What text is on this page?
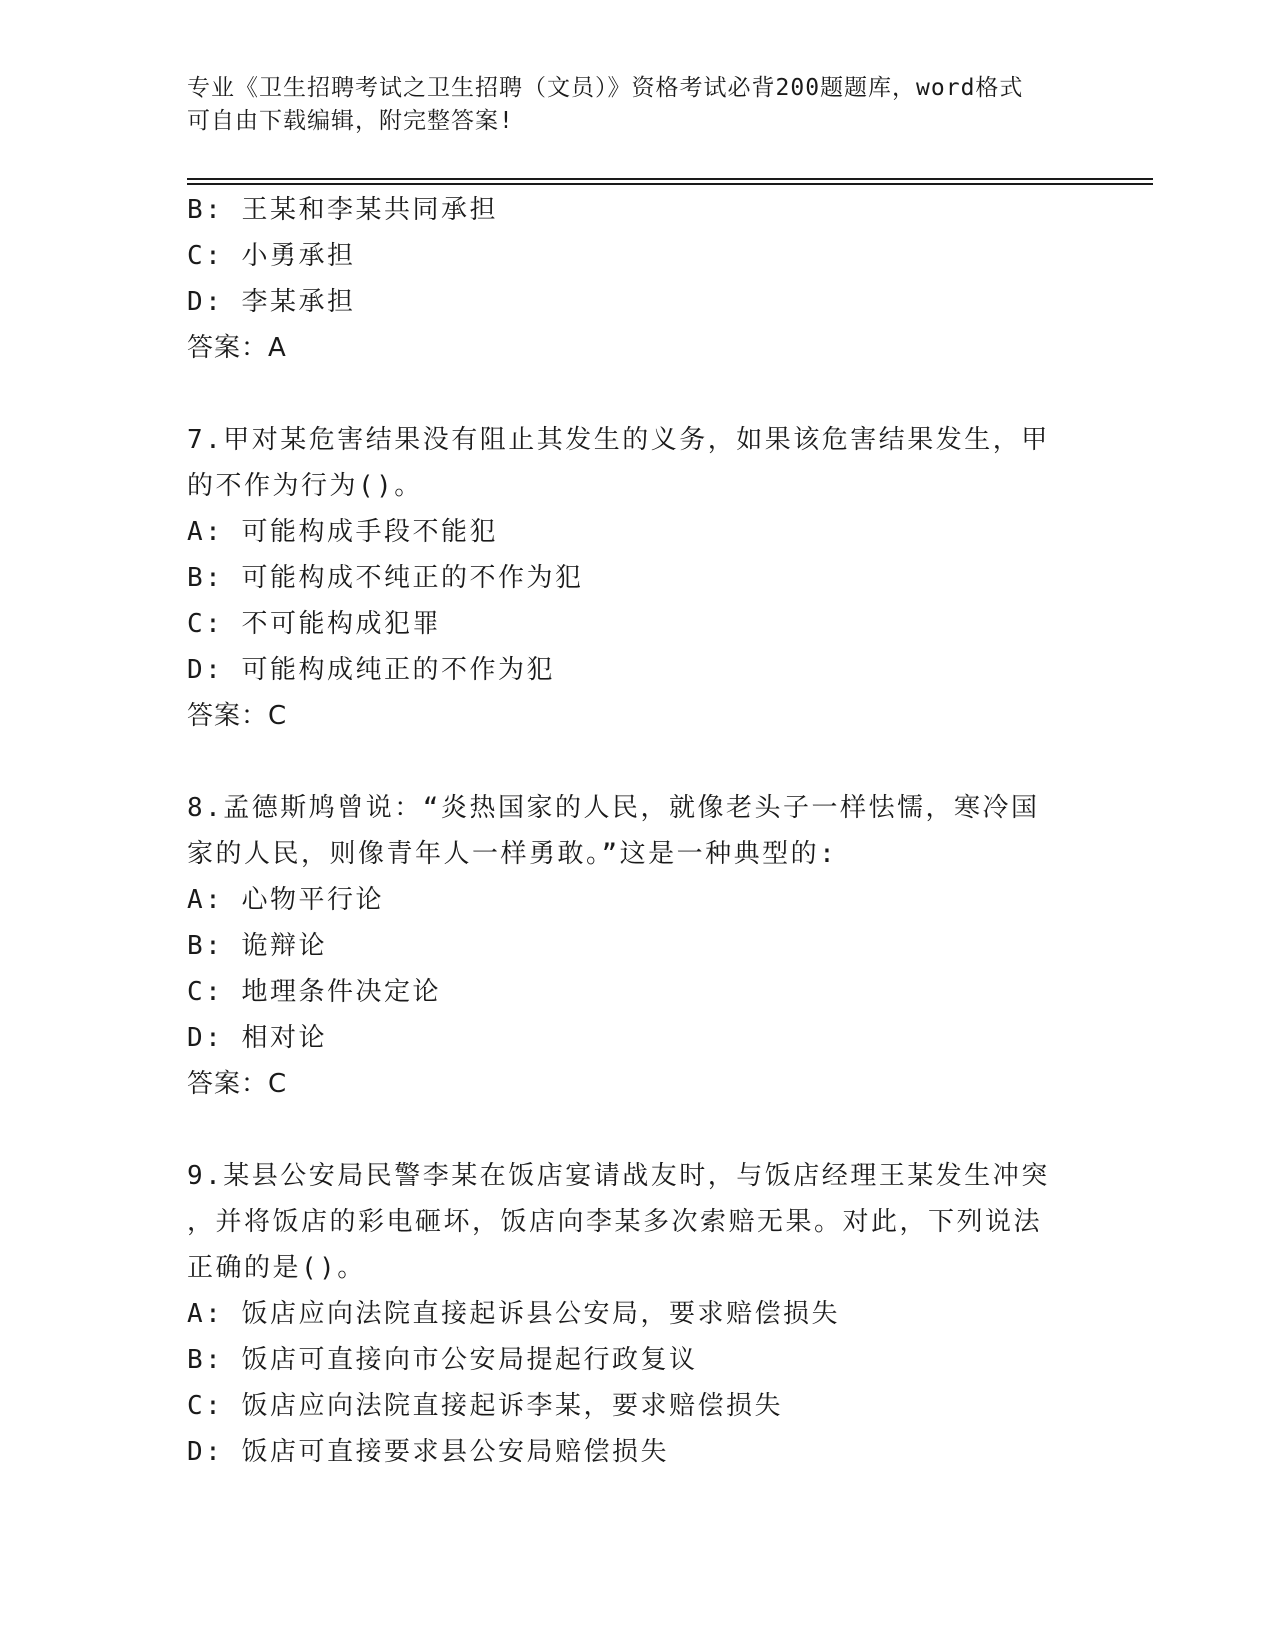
专业《卫生招聘考试之卫生招聘（文员）》资格考试必背200题题库，word格式
可自由下载编辑，附完整答案!
B: 王某和李某共同承担
C: 小勇承担
D: 李某承担
答案：A
7.甲对某危害结果没有阻止其发生的义务，如果该危害结果发生，甲
的不作为行为()。
A: 可能构成手段不能犯
B: 可能构成不纯正的不作为犯
C: 不可能构成犯罪
D: 可能构成纯正的不作为犯
答案：C
8.孟德斯鸠曾说：“炎热国家的人民，就像老头子一样怯懦，寒冷国
家的人民，则像青年人一样勇敢。”这是一种典型的:
A: 心物平行论
B: 诡辩论
C: 地理条件决定论
D: 相对论
答案：C
9.某县公安局民警李某在饭店宴请战友时，与饭店经理王某发生冲突
，并将饭店的彩电砸坏，饭店向李某多次索赔无果。对此，下列说法
正确的是()。
A: 饭店应向法院直接起诉县公安局，要求赔偿损失
B: 饭店可直接向市公安局提起行政复议
C: 饭店应向法院直接起诉李某，要求赔偿损失
D: 饭店可直接要求县公安局赔偿损失
